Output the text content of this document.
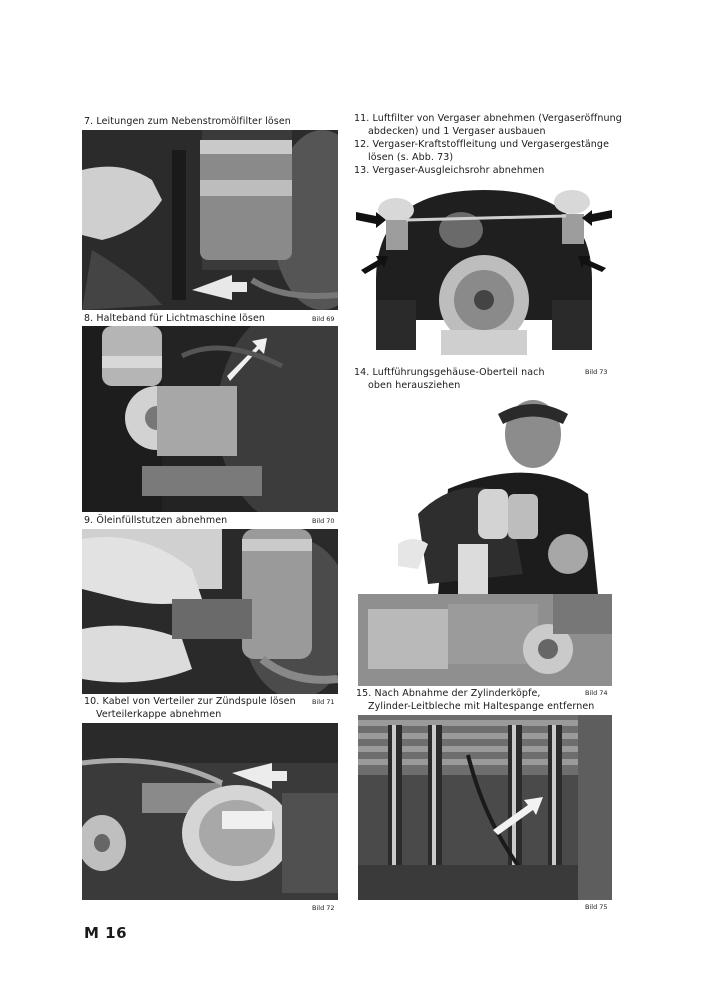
7. Leitungen zum Nebenstromölfilter lösen
8. Halteband für Lichtmaschine lösen	Bild 69
9. Öleinfüllstutzen abnehmen	Bild 70
10. Kabel von Verteiler zur Zündspule lösen
Verteilerkappe abnehmen
Bild 71
Bild 72
11. Luftfilter von Vergaser abnehmen (Vergaseröffnung
abdecken) und 1 Vergaser ausbauen
12. Vergaser-Kraftstoffleitung und Vergasergestänge
lösen (s. Abb. 73)
13. Vergaser-Ausgleichsrohr abnehmen
14. Luftführungsgehäuse-Oberteil nach
oben herausziehen
Bild 73
15. Nach Abnahme der Zylinderköpfe,
Zylinder-Leitbleche mit Haltespange entfernen
Bild 74
Bild 75
M 16
